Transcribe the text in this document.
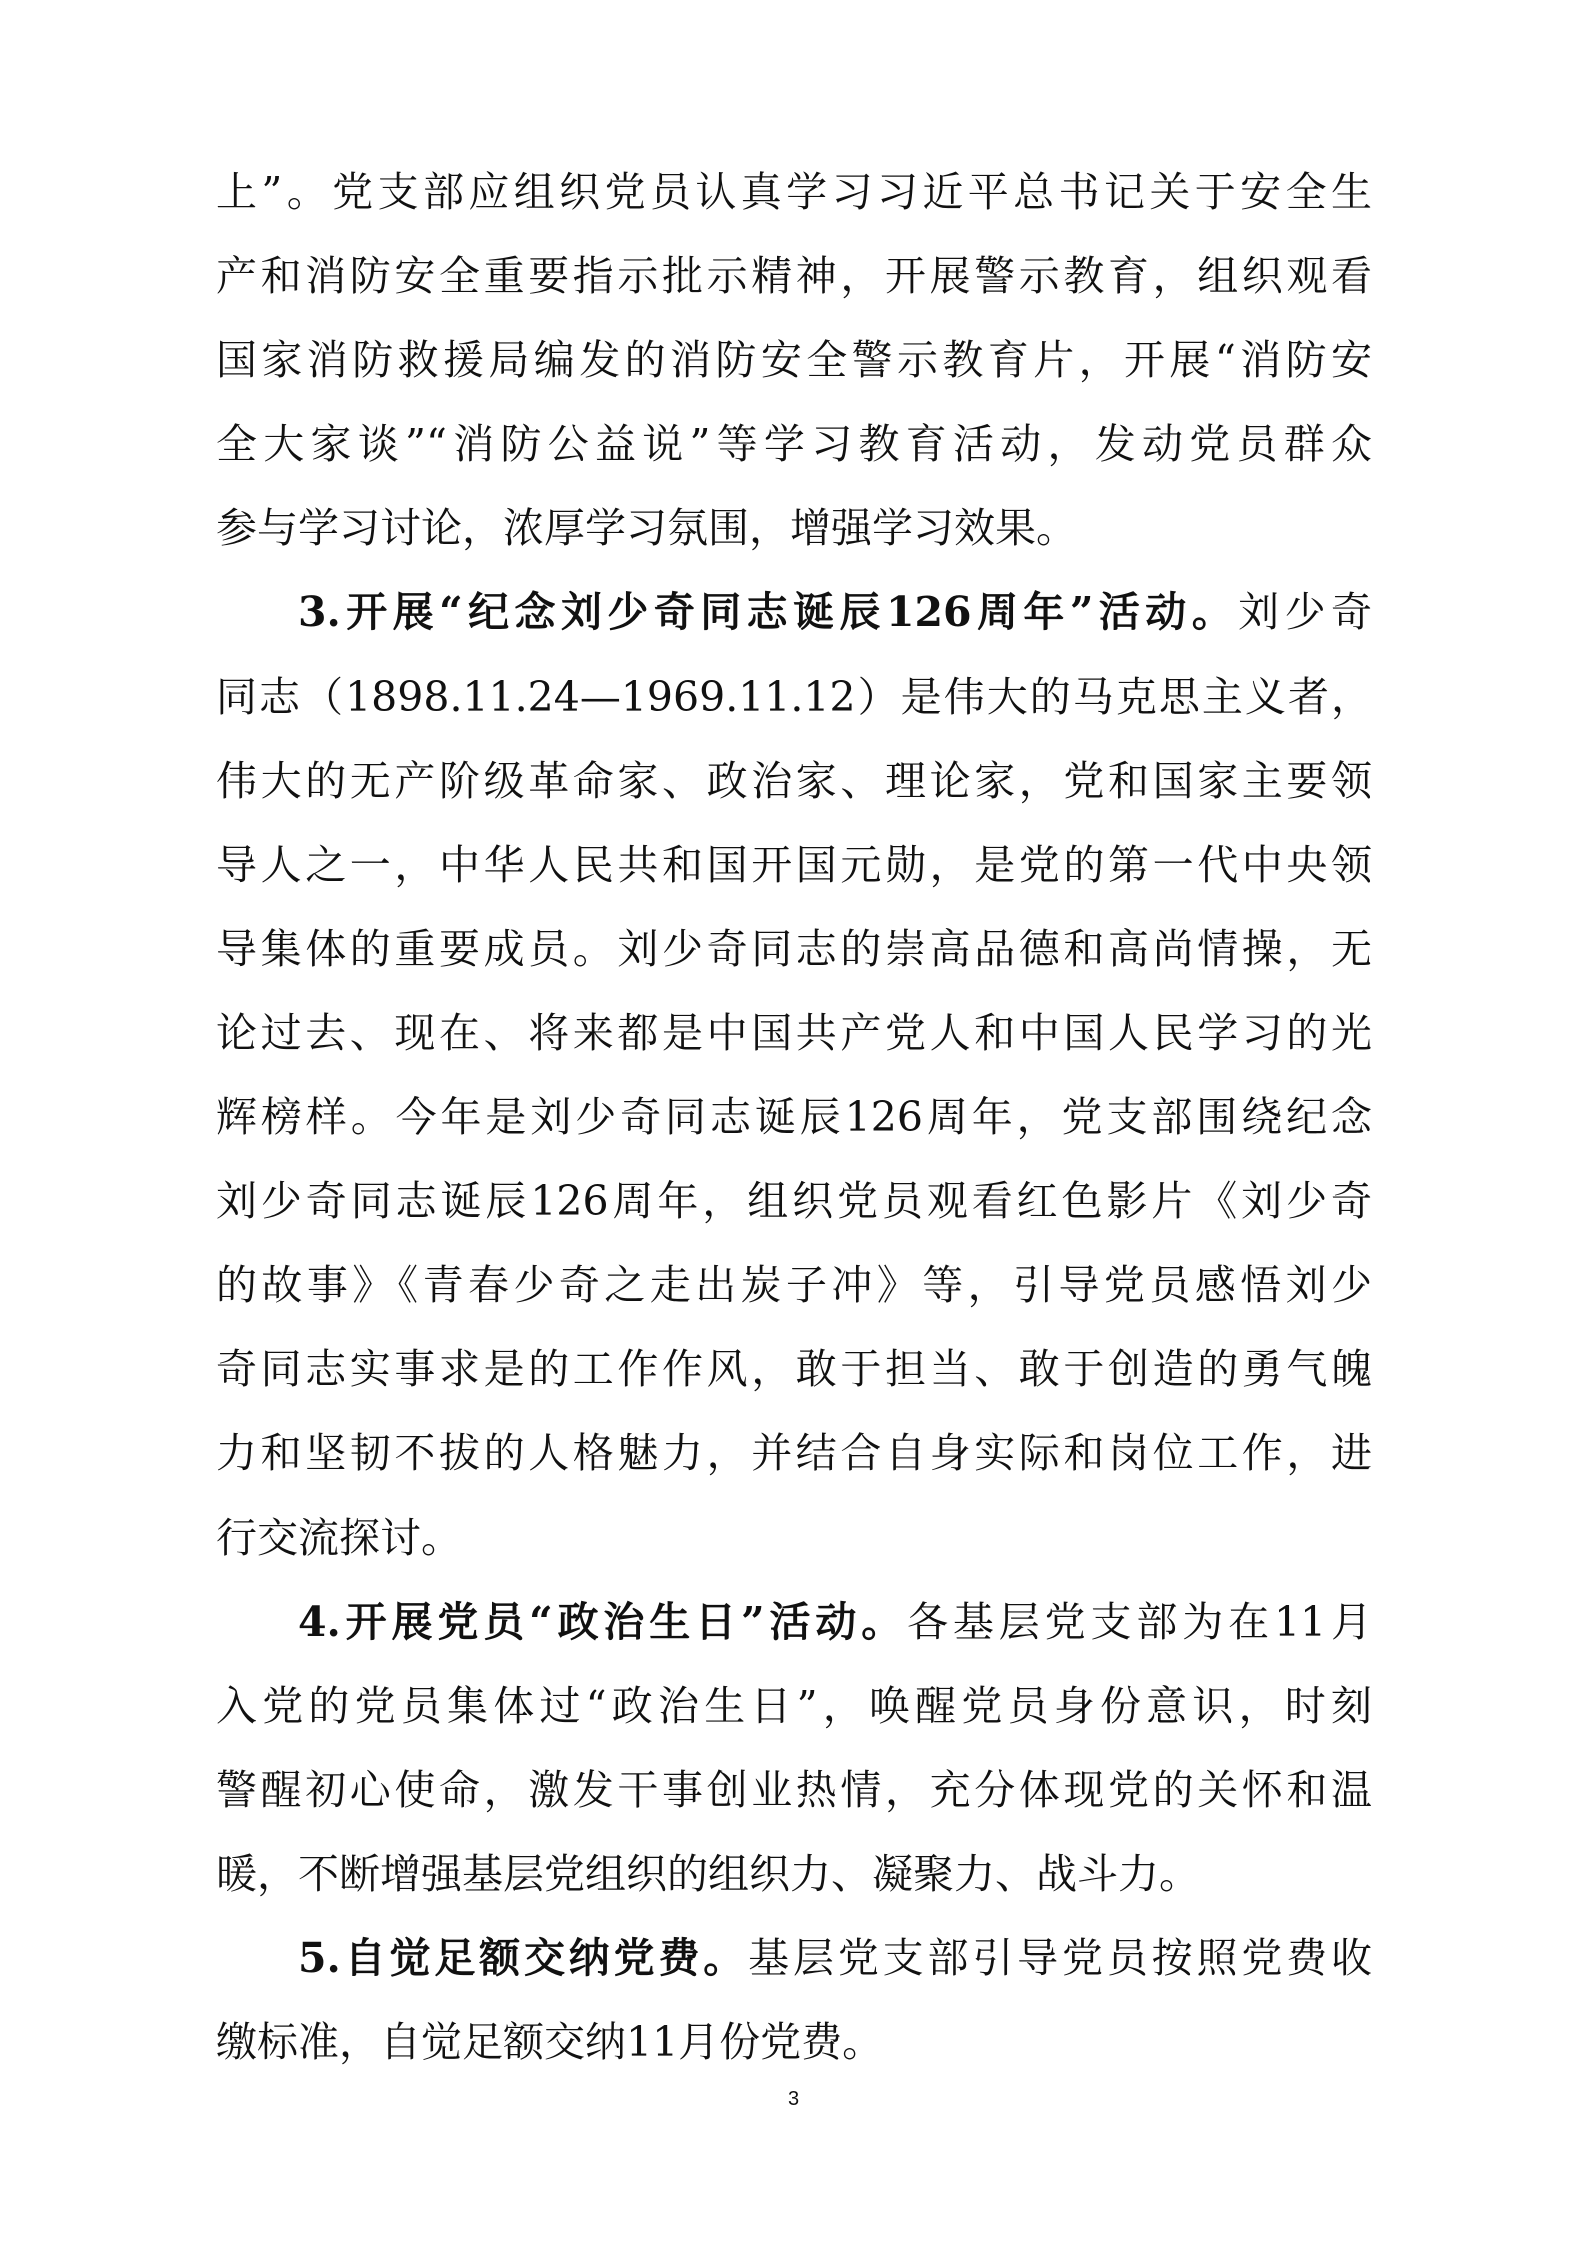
上”。党支部应组织党员认真学习习近平总书记关于安全生
产和消防安全重要指示批示精神，开展警示教育，组织观看
国家消防救援局编发的消防安全警示教育片，开展“消防安
全大家谈”“消防公益说”等学习教育活动，发动党员群众
参与学习讨论，浓厚学习氛围，增强学习效果。
3.开展“纪念刘少奇同志诞辰126周年”活动。刘少奇
同志（1898.11.24—1969.11.12）是伟大的马克思主义者，
伟大的无产阶级革命家、政治家、理论家，党和国家主要领
导人之一，中华人民共和国开国元勋，是党的第一代中央领
导集体的重要成员。刘少奇同志的崇高品德和高尚情操，无
论过去、现在、将来都是中国共产党人和中国人民学习的光
辉榜样。今年是刘少奇同志诞辰126周年，党支部围绕纪念
刘少奇同志诞辰126周年，组织党员观看红色影片《刘少奇
的故事》《青春少奇之走出炭子冲》等，引导党员感悟刘少
奇同志实事求是的工作作风，敢于担当、敢于创造的勇气魄
力和坚韧不拔的人格魅力，并结合自身实际和岗位工作，进
行交流探讨。
4.开展党员“政治生日”活动。各基层党支部为在11月
入党的党员集体过“政治生日”，唤醒党员身份意识，时刻
警醒初心使命，激发干事创业热情，充分体现党的关怀和温
暖，不断增强基层党组织的组织力、凝聚力、战斗力。
5.自觉足额交纳党费。基层党支部引导党员按照党费收
缴标准，自觉足额交纳11月份党费。
3
